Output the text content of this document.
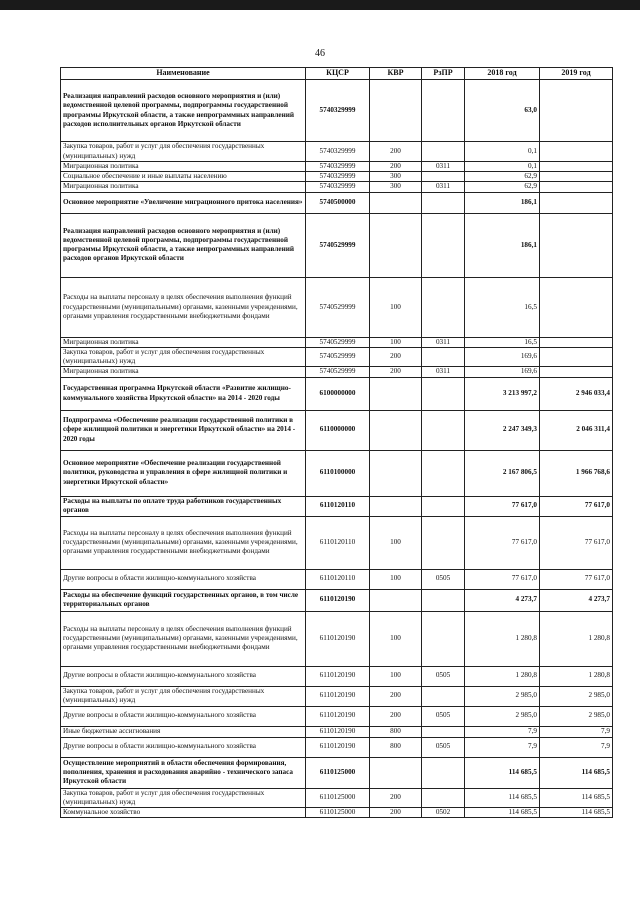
46
Наименование	КЦСР	КВР	РзПР	2018 год	2019 год
Реализация направлений расходов основного мероприятия и (или) ведомственной целевой программы, подпрограммы государственной программы Иркутской области, а также непрограммных направлений расходов исполнительных органов Иркутской области	5740329999			63,0	
Закупка товаров, работ и услуг для обеспечения государственных (муниципальных) нужд	5740329999	200		0,1	
Миграционная политика	5740329999	200	0311	0,1	
Социальное обеспечение и иные выплаты населению	5740329999	300		62,9	
Миграционная политика	5740329999	300	0311	62,9	
Основное мероприятие «Увеличение миграционного притока населения»	5740500000			186,1	
Реализация направлений расходов основного мероприятия и (или) ведомственной целевой программы, подпрограммы государственной программы Иркутской области, а также непрограммных направлений расходов органов Иркутской области	5740529999			186,1	
Расходы на выплаты персоналу в целях обеспечения выполнения функций государственными (муниципальными) органами, казенными учреждениями, органами управления государственными внебюджетными фондами	5740529999	100		16,5	
Миграционная политика	5740529999	100	0311	16,5	
Закупка товаров, работ и услуг для обеспечения государственных (муниципальных) нужд	5740529999	200		169,6	
Миграционная политика	5740529999	200	0311	169,6	
Государственная программа Иркутской области «Развитие жилищно-коммунального хозяйства Иркутской области» на 2014 - 2020 годы	6100000000			3 213 997,2	2 946 033,4
Подпрограмма «Обеспечение реализации государственной политики в сфере жилищной политики и энергетики Иркутской области» на 2014 - 2020 годы	6110000000			2 247 349,3	2 046 311,4
Основное мероприятие «Обеспечение реализации государственной политики, руководства и управления в сфере жилищной политики и энергетики Иркутской области»	6110100000			2 167 806,5	1 966 768,6
Расходы на выплаты по оплате труда работников государственных органов	6110120110			77 617,0	77 617,0
Расходы на выплаты персоналу в целях обеспечения выполнения функций государственными (муниципальными) органами, казенными учреждениями, органами управления государственными внебюджетными фондами	6110120110	100		77 617,0	77 617,0
Другие вопросы в области жилищно-коммунального хозяйства	6110120110	100	0505	77 617,0	77 617,0
Расходы на обеспечение функций государственных органов, в том числе территориальных органов	6110120190			4 273,7	4 273,7
Расходы на выплаты персоналу в целях обеспечения выполнения функций государственными (муниципальными) органами, казенными учреждениями, органами управления государственными внебюджетными фондами	6110120190	100		1 280,8	1 280,8
Другие вопросы в области жилищно-коммунального хозяйства	6110120190	100	0505	1 280,8	1 280,8
Закупка товаров, работ и услуг для обеспечения государственных (муниципальных) нужд	6110120190	200		2 985,0	2 985,0
Другие вопросы в области жилищно-коммунального хозяйства	6110120190	200	0505	2 985,0	2 985,0
Иные бюджетные ассигнования	6110120190	800		7,9	7,9
Другие вопросы в области жилищно-коммунального хозяйства	6110120190	800	0505	7,9	7,9
Осуществление мероприятий в области обеспечения формирования, пополнения, хранения и расходования аварийно - технического запаса Иркутской области	6110125000			114 685,5	114 685,5
Закупка товаров, работ и услуг для обеспечения государственных (муниципальных) нужд	6110125000	200		114 685,5	114 685,5
Коммунальное хозяйство	6110125000	200	0502	114 685,5	114 685,5
